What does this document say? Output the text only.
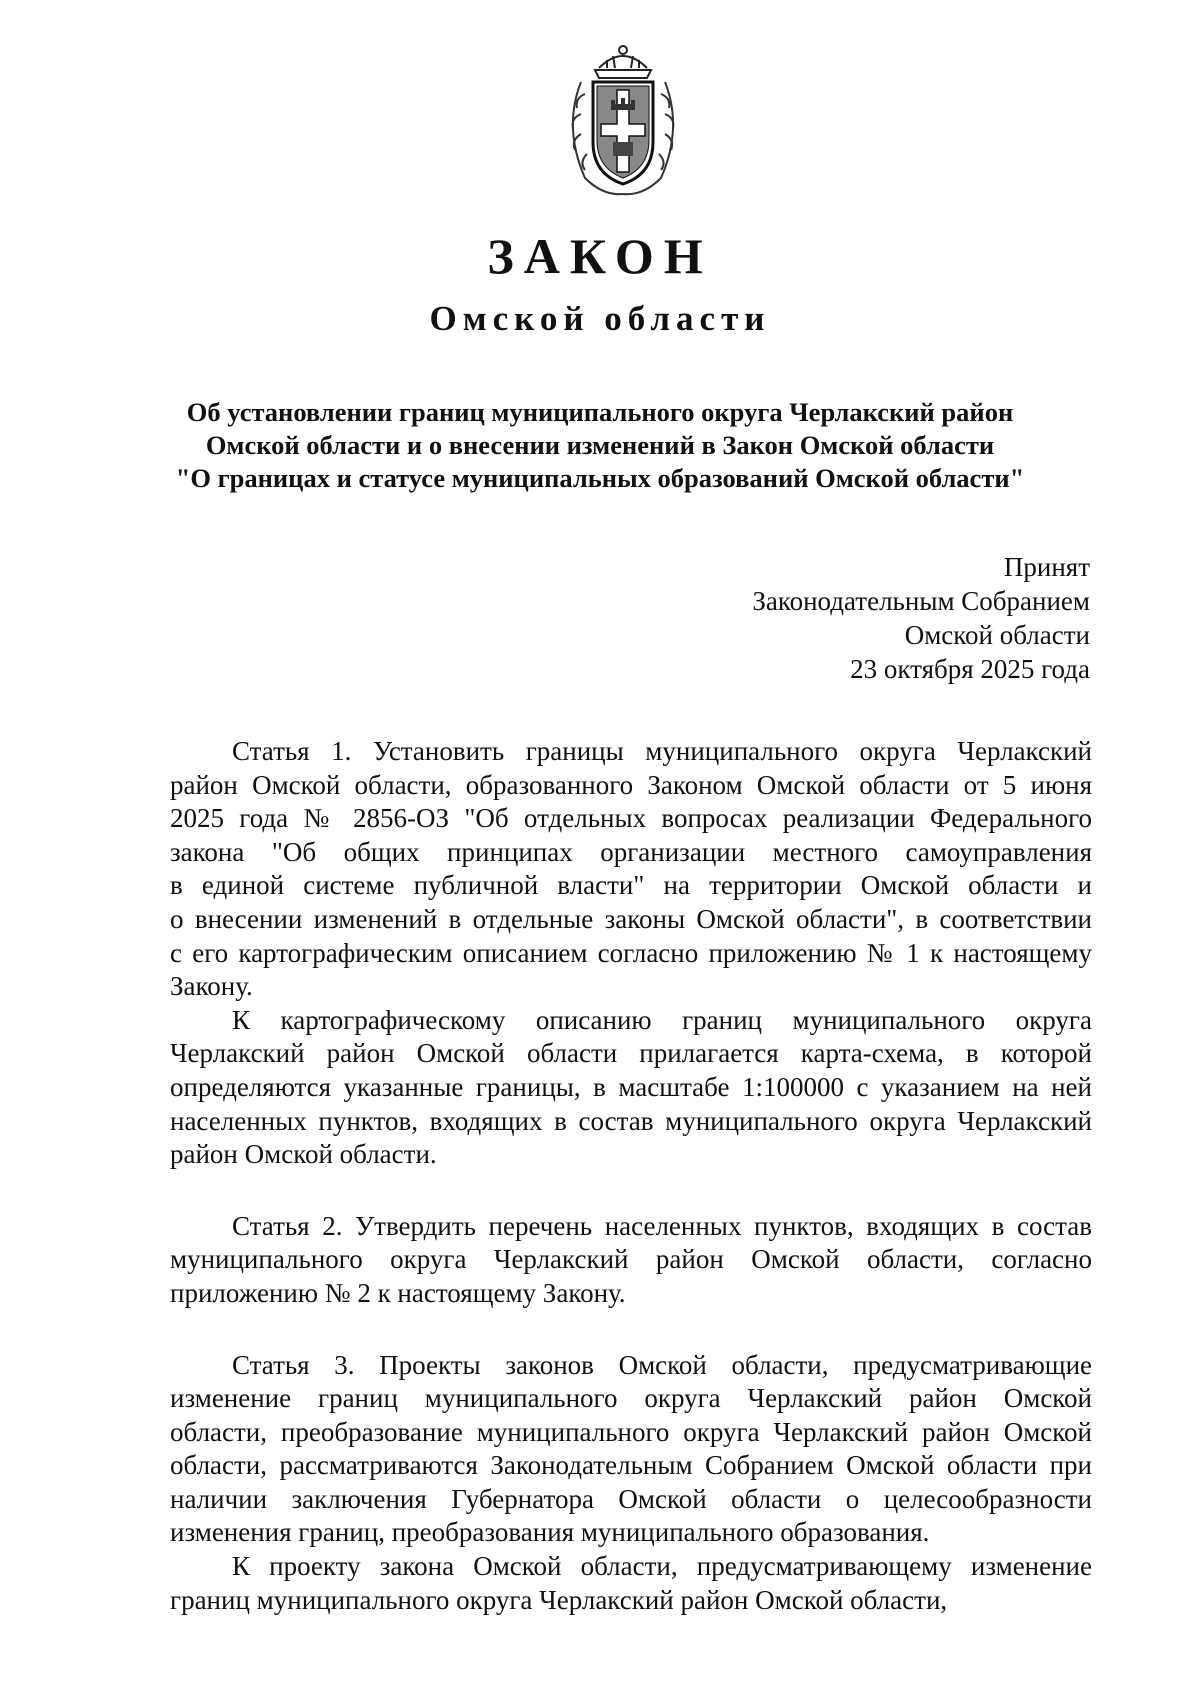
ЗАКОН
Омской области
Об установлении границ муниципального округа Черлакский район
Омской области и о внесении изменений в Закон Омской области
"О границах и статусе муниципальных образований Омской области"
Принят
Законодательным Собранием
Омской области
23 октября 2025 года

Статья 1. Установить границы муниципального округа Черлакский
район Омской области, образованного Законом Омской области от 5 июня
2025 года № 2856-ОЗ "Об отдельных вопросах реализации Федерального
закона "Об общих принципах организации местного самоуправления
в единой системе публичной власти" на территории Омской области и
о внесении изменений в отдельные законы Омской области", в соответствии
с его картографическим описанием согласно приложению № 1 к настоящему
Закону.

К картографическому описанию границ муниципального округа
Черлакский район Омской области прилагается карта-схема, в которой
определяются указанные границы, в масштабе 1:100000 с указанием на ней
населенных пунктов, входящих в состав муниципального округа Черлакский
район Омской области.

Статья 2. Утвердить перечень населенных пунктов, входящих в состав
муниципального округа Черлакский район Омской области, согласно
приложению № 2 к настоящему Закону.

Статья 3. Проекты законов Омской области, предусматривающие
изменение границ муниципального округа Черлакский район Омской
области, преобразование муниципального округа Черлакский район Омской
области, рассматриваются Законодательным Собранием Омской области при
наличии заключения Губернатора Омской области о целесообразности
изменения границ, преобразования муниципального образования.

К проекту закона Омской области, предусматривающему изменение
границ муниципального округа Черлакский район Омской области,
